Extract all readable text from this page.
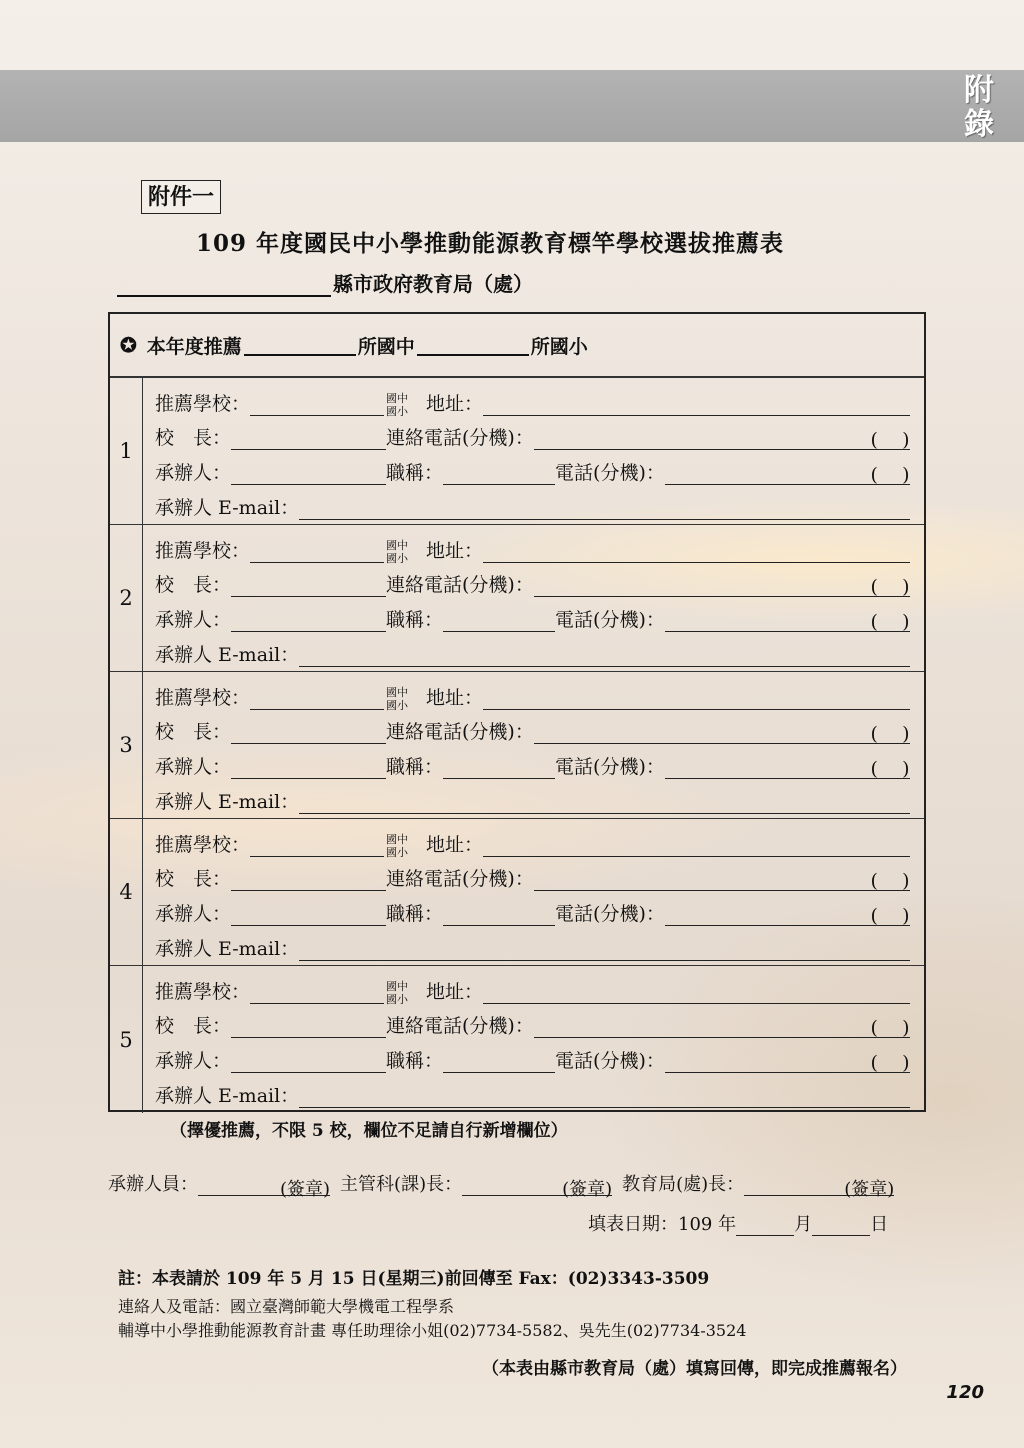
附錄
附件一
109 年度國民中小學推動能源教育標竿學校選拔推薦表
縣市政府教育局（處）
✪ 本年度推薦	所國中	所國小
1
推薦學校：	國中
國小 地址：
校　長：	連絡電話(分機)：	( )
承辦人：	職稱：	電話(分機)：	( )
承辦人 E-mail：
2
推薦學校：	國中
國小 地址：
校　長：	連絡電話(分機)：	( )
承辦人：	職稱：	電話(分機)：	( )
承辦人 E-mail：
3
推薦學校：	國中
國小 地址：
校　長：	連絡電話(分機)：	( )
承辦人：	職稱：	電話(分機)：	( )
承辦人 E-mail：
4
推薦學校：	國中
國小 地址：
校　長：	連絡電話(分機)：	( )
承辦人：	職稱：	電話(分機)：	( )
承辦人 E-mail：
5
推薦學校：	國中
國小 地址：
校　長：	連絡電話(分機)：	( )
承辦人：	職稱：	電話(分機)：	( )
承辦人 E-mail：
（擇優推薦，不限 5 校，欄位不足請自行新增欄位）
承辦人員：	(簽章) 主管科(課)長：	(簽章) 教育局(處)長：	(簽章)
填表日期：109 年	月	日
註：本表請於 109 年 5 月 15 日(星期三)前回傳至 Fax：(02)3343-3509
連絡人及電話：國立臺灣師範大學機電工程學系
輔導中小學推動能源教育計畫 專任助理徐小姐(02)7734-5582、吳先生(02)7734-3524
（本表由縣市教育局（處）填寫回傳，即完成推薦報名）
120
